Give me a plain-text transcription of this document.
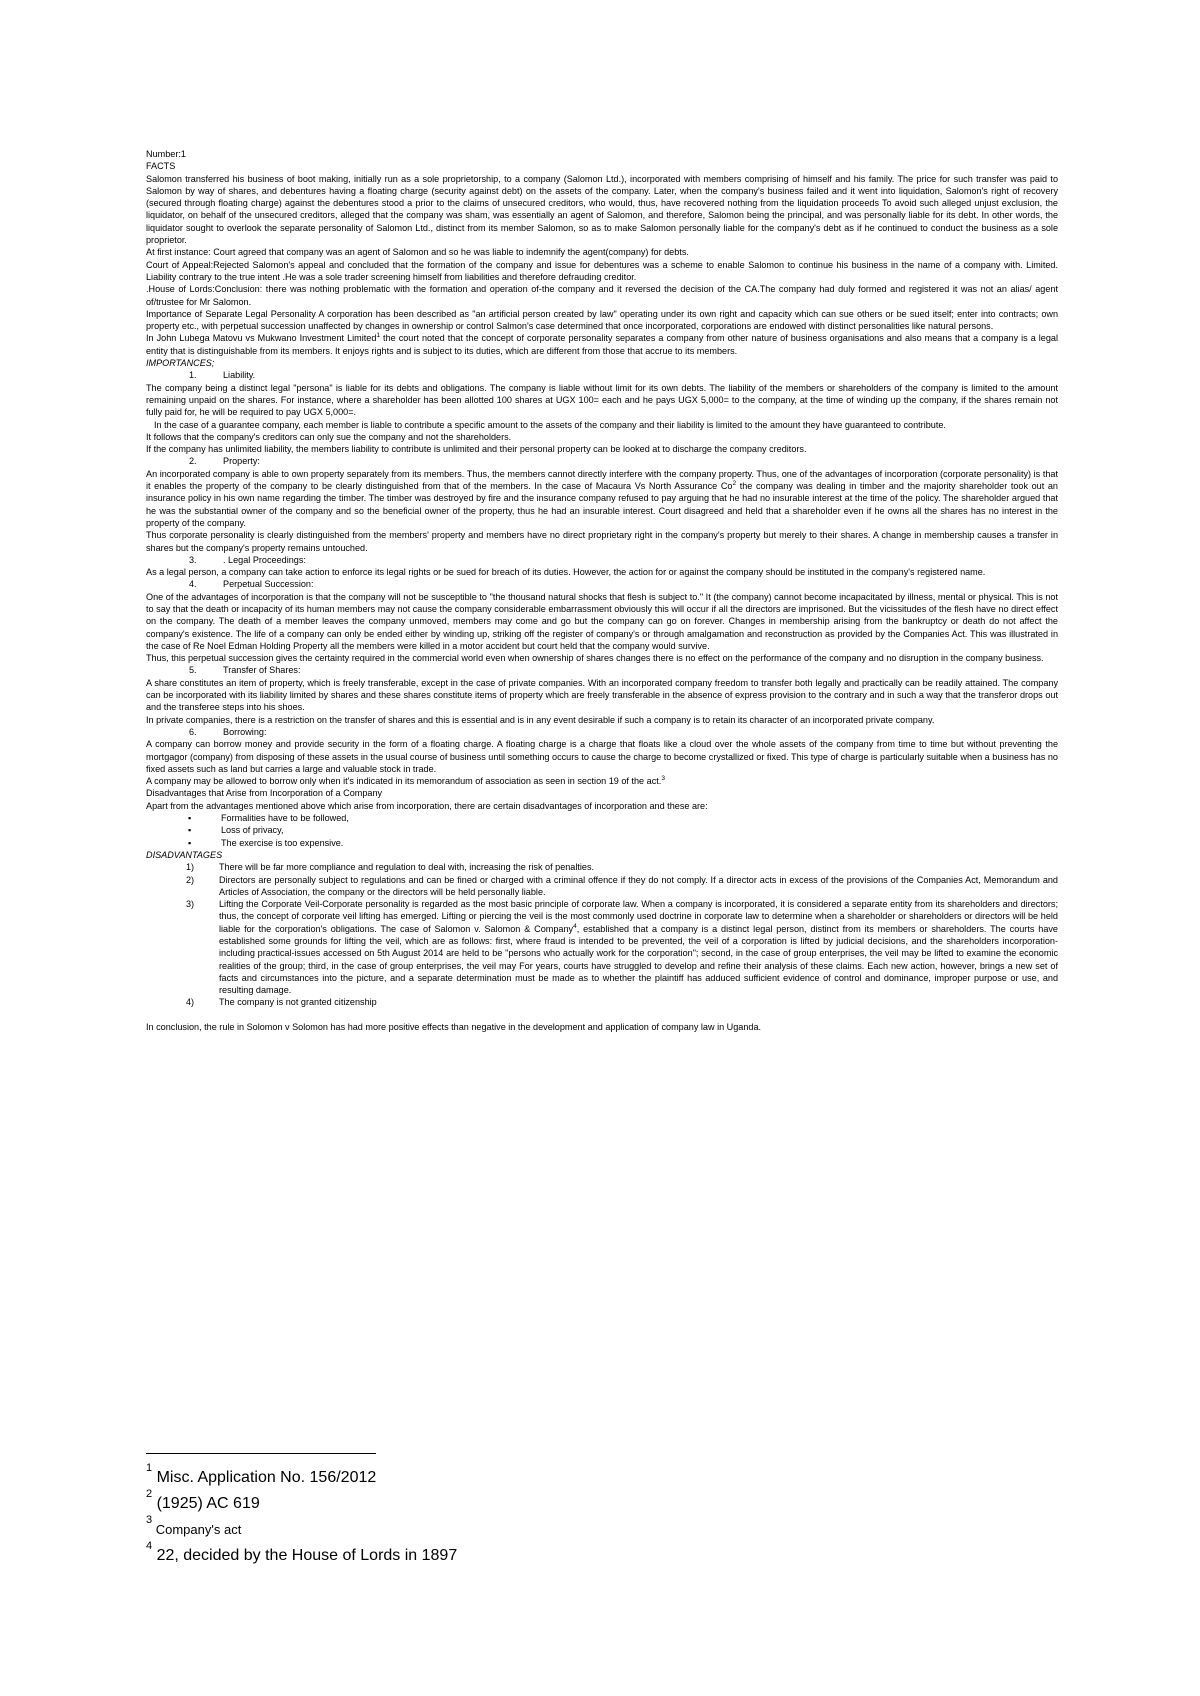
Number:1

FACTS

Salomon transferred his business of boot making, initially run as a sole proprietorship, to a company (Salomon Ltd.), incorporated with members comprising of himself and his family. The price for such transfer was paid to Salomon by way of shares, and debentures having a floating charge (security against debt) on the assets of the company. Later, when the company's business failed and it went into liquidation, Salomon's right of recovery (secured through floating charge) against the debentures stood a prior to the claims of unsecured creditors, who would, thus, have recovered nothing from the liquidation proceeds To avoid such alleged unjust exclusion, the liquidator, on behalf of the unsecured creditors, alleged that the company was sham, was essentially an agent of Salomon, and therefore, Salomon being the principal, and was personally liable for its debt. In other words, the liquidator sought to overlook the separate personality of Salomon Ltd., distinct from its member Salomon, so as to make Salomon personally liable for the company's debt as if he continued to conduct the business as a sole proprietor.

At first instance: Court agreed that company was an agent of Salomon and so he was liable to indemnify the agent(company) for debts.

Court of Appeal:Rejected Salomon's appeal and concluded that the formation of the company and issue for debentures was a scheme to enable Salomon to continue his business in the name of a company with. Limited. Liability contrary to the true intent .He was a sole trader screening himself from liabilities and therefore defrauding creditor.

.House of Lords:Conclusion: there was nothing problematic with the formation and operation of-the company and it reversed the decision of the CA.The company had duly formed and registered it was not an alias/ agent of/trustee for Mr Salomon.

Importance of Separate Legal Personality A corporation has been described as "an artificial person created by law" operating under its own right and capacity which can sue others or be sued itself; enter into contracts; own property etc., with perpetual succession unaffected by changes in ownership or control Salmon's case determined that once incorporated, corporations are endowed with distinct personalities like natural persons.

In John Lubega Matovu vs Mukwano Investment Limited$^1$ the court noted that the concept of corporate personality separates a company from other nature of business organisations and also means that a company is a legal entity that is distinguishable from its members. It enjoys rights and is subject to its duties, which are different from those that accrue to its members.

IMPORTANCES;

1.	Liability.

The company being a distinct legal "persona" is liable for its debts and obligations. The company is liable without limit for its own debts. The liability of the members or shareholders of the company is limited to the amount remaining unpaid on the shares. For instance, where a shareholder has been allotted 100 shares at UGX 100= each and he pays UGX 5,000= to the company, at the time of winding up the company, if the shares remain not fully paid for, he will be required to pay UGX 5,000=.

In the case of a guarantee company, each member is liable to contribute a specific amount to the assets of the company and their liability is limited to the amount they have guaranteed to contribute.

It follows that the company's creditors can only sue the company and not the shareholders.

If the company has unlimited liability, the members liability to contribute is unlimited and their personal property can be looked at to discharge the company creditors.

2.	Property:

An incorporated company is able to own property separately from its members. Thus, the members cannot directly interfere with the company property. Thus, one of the advantages of incorporation (corporate personality) is that it enables the property of the company to be clearly distinguished from that of the members. In the case of Macaura Vs North Assurance Co$^2$ the company was dealing in timber and the majority shareholder took out an insurance policy in his own name regarding the timber. The timber was destroyed by fire and the insurance company refused to pay arguing that he had no insurable interest at the time of the policy. The shareholder argued that he was the substantial owner of the company and so the beneficial owner of the property, thus he had an insurable interest. Court disagreed and held that a shareholder even if he owns all the shares has no interest in the property of the company.

Thus corporate personality is clearly distinguished from the members' property and members have no direct proprietary right in the company's property but merely to their shares. A change in membership causes a transfer in shares but the company's property remains untouched.

3.	. Legal Proceedings:

As a legal person, a company can take action to enforce its legal rights or be sued for breach of its duties. However, the action for or against the company should be instituted in the company's registered name.

4.	Perpetual Succession:

One of the advantages of incorporation is that the company will not be susceptible to "the thousand natural shocks that flesh is subject to." It (the company) cannot become incapacitated by illness, mental or physical. This is not to say that the death or incapacity of its human members may not cause the company considerable embarrassment obviously this will occur if all the directors are imprisoned. But the vicissitudes of the flesh have no direct effect on the company. The death of a member leaves the company unmoved, members may come and go but the company can go on forever. Changes in membership arising from the bankruptcy or death do not affect the company's existence. The life of a company can only be ended either by winding up, striking off the register of company's or through amalgamation and reconstruction as provided by the Companies Act. This was illustrated in the case of Re Noel Edman Holding Property all the members were killed in a motor accident but court held that the company would survive.

Thus, this perpetual succession gives the certainty required in the commercial world even when ownership of shares changes there is no effect on the performance of the company and no disruption in the company business.

5.	Transfer of Shares:

A share constitutes an item of property, which is freely transferable, except in the case of private companies. With an incorporated company freedom to transfer both legally and practically can be readily attained. The company can be incorporated with its liability limited by shares and these shares constitute items of property which are freely transferable in the absence of express provision to the contrary and in such a way that the transferor drops out and the transferee steps into his shoes.

In private companies, there is a restriction on the transfer of shares and this is essential and is in any event desirable if such a company is to retain its character of an incorporated private company.

6.	Borrowing:

A company can borrow money and provide security in the form of a floating charge. A floating charge is a charge that floats like a cloud over the whole assets of the company from time to time but without preventing the mortgagor (company) from disposing of these assets in the usual course of business until something occurs to cause the charge to become crystallized or fixed. This type of charge is particularly suitable when a business has no fixed assets such as land but carries a large and valuable stock in trade.

A company may be allowed to borrow only when it's indicated in its memorandum of association as seen in section 19 of the act.$^3$

Disadvantages that Arise from Incorporation of a Company

Apart from the advantages mentioned above which arise from incorporation, there are certain disadvantages of incorporation and these are:

▪ Formalities have to be followed,
▪ Loss of privacy,
▪ The exercise is too expensive.

DISADVANTAGES

1)	There will be far more compliance and regulation to deal with, increasing the risk of penalties.
2)	Directors are personally subject to regulations and can be fined or charged with a criminal offence if they do not comply. If a director acts in excess of the provisions of the Companies Act, Memorandum and Articles of Association, the company or the directors will be held personally liable.
3)	Lifting the Corporate Veil-Corporate personality is regarded as the most basic principle of corporate law. When a company is incorporated, it is considered a separate entity from its shareholders and directors; thus, the concept of corporate veil lifting has emerged. Lifting or piercing the veil is the most commonly used doctrine in corporate law to determine when a shareholder or shareholders or directors will be held liable for the corporation's obligations. The case of Salomon v. Salomon & Company$^4$, established that a company is a distinct legal person, distinct from its members or shareholders. The courts have established some grounds for lifting the veil, which are as follows: first, where fraud is intended to be prevented, the veil of a corporation is lifted by judicial decisions, and the shareholders incorporation-including practical-issues accessed on 5th August 2014 are held to be "persons who actually work for the corporation"; second, in the case of group enterprises, the veil may be lifted to examine the economic realities of the group; third, in the case of group enterprises, the veil may For years, courts have struggled to develop and refine their analysis of these claims. Each new action, however, brings a new set of facts and circumstances into the picture, and a separate determination must be made as to whether the plaintiff has adduced sufficient evidence of control and dominance, improper purpose or use, and resulting damage.
4)	The company is not granted citizenship

In conclusion, the rule in Solomon v Solomon has had more positive effects than negative in the development and application of company law in Uganda.

$^1$ Misc. Application No. 156/2012

$^2$ (1925) AC 619

$^3$ Company's act

$^4$ 22, decided by the House of Lords in 1897
